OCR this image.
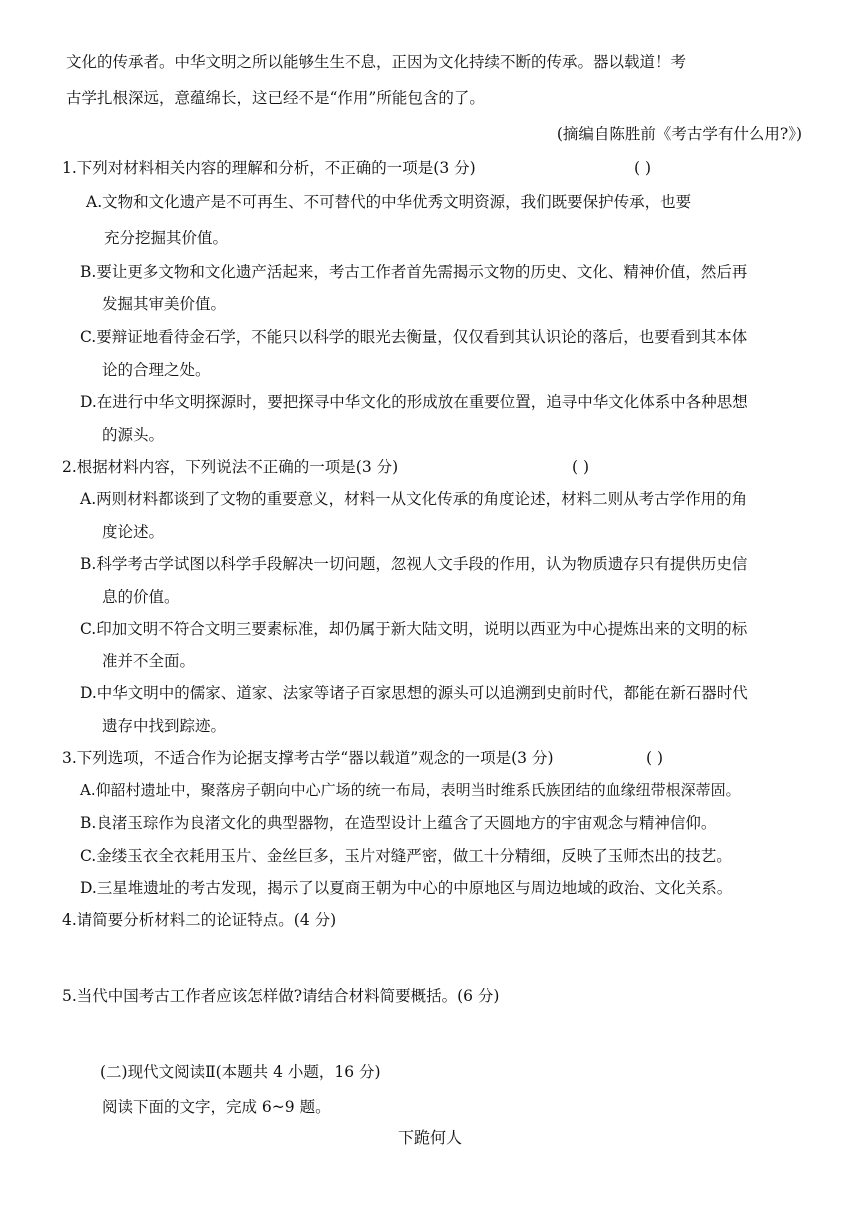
文化的传承者。中华文明之所以能够生生不息，正因为文化持续不断的传承。器以载道！考
古学扎根深远，意蕴绵长，这已经不是“作用”所能包含的了。
(摘编自陈胜前《考古学有什么用?》)
1.下列对材料相关内容的理解和分析，不正确的一项是(3 分)	( )
A.文物和文化遗产是不可再生、不可替代的中华优秀文明资源，我们既要保护传承，也要
充分挖掘其价值。
B.要让更多文物和文化遗产活起来，考古工作者首先需揭示文物的历史、文化、精神价值，然后再
发掘其审美价值。
C.要辩证地看待金石学，不能只以科学的眼光去衡量，仅仅看到其认识论的落后，也要看到其本体
论的合理之处。
D.在进行中华文明探源时，要把探寻中华文化的形成放在重要位置，追寻中华文化体系中各种思想
的源头。
2.根据材料内容，下列说法不正确的一项是(3 分)	( )
A.两则材料都谈到了文物的重要意义，材料一从文化传承的角度论述，材料二则从考古学作用的角
度论述。
B.科学考古学试图以科学手段解决一切问题，忽视人文手段的作用，认为物质遗存只有提供历史信
息的价值。
C.印加文明不符合文明三要素标准，却仍属于新大陆文明，说明以西亚为中心提炼出来的文明的标
准并不全面。
D.中华文明中的儒家、道家、法家等诸子百家思想的源头可以追溯到史前时代，都能在新石器时代
遗存中找到踪迹。
3.下列选项，不适合作为论据支撑考古学“器以载道”观念的一项是(3 分)	( )
A.仰韶村遗址中，聚落房子朝向中心广场的统一布局，表明当时维系氏族团结的血缘纽带根深蒂固。
B.良渚玉琮作为良渚文化的典型器物，在造型设计上蕴含了天圆地方的宇宙观念与精神信仰。
C.金缕玉衣全衣耗用玉片、金丝巨多，玉片对缝严密，做工十分精细，反映了玉师杰出的技艺。
D.三星堆遗址的考古发现，揭示了以夏商王朝为中心的中原地区与周边地域的政治、文化关系。
4.请简要分析材料二的论证特点。(4 分)
5.当代中国考古工作者应该怎样做?请结合材料简要概括。(6 分)
(二)现代文阅读Ⅱ(本题共 4 小题，16 分)
阅读下面的文字，完成 6~9 题。
下跪何人
